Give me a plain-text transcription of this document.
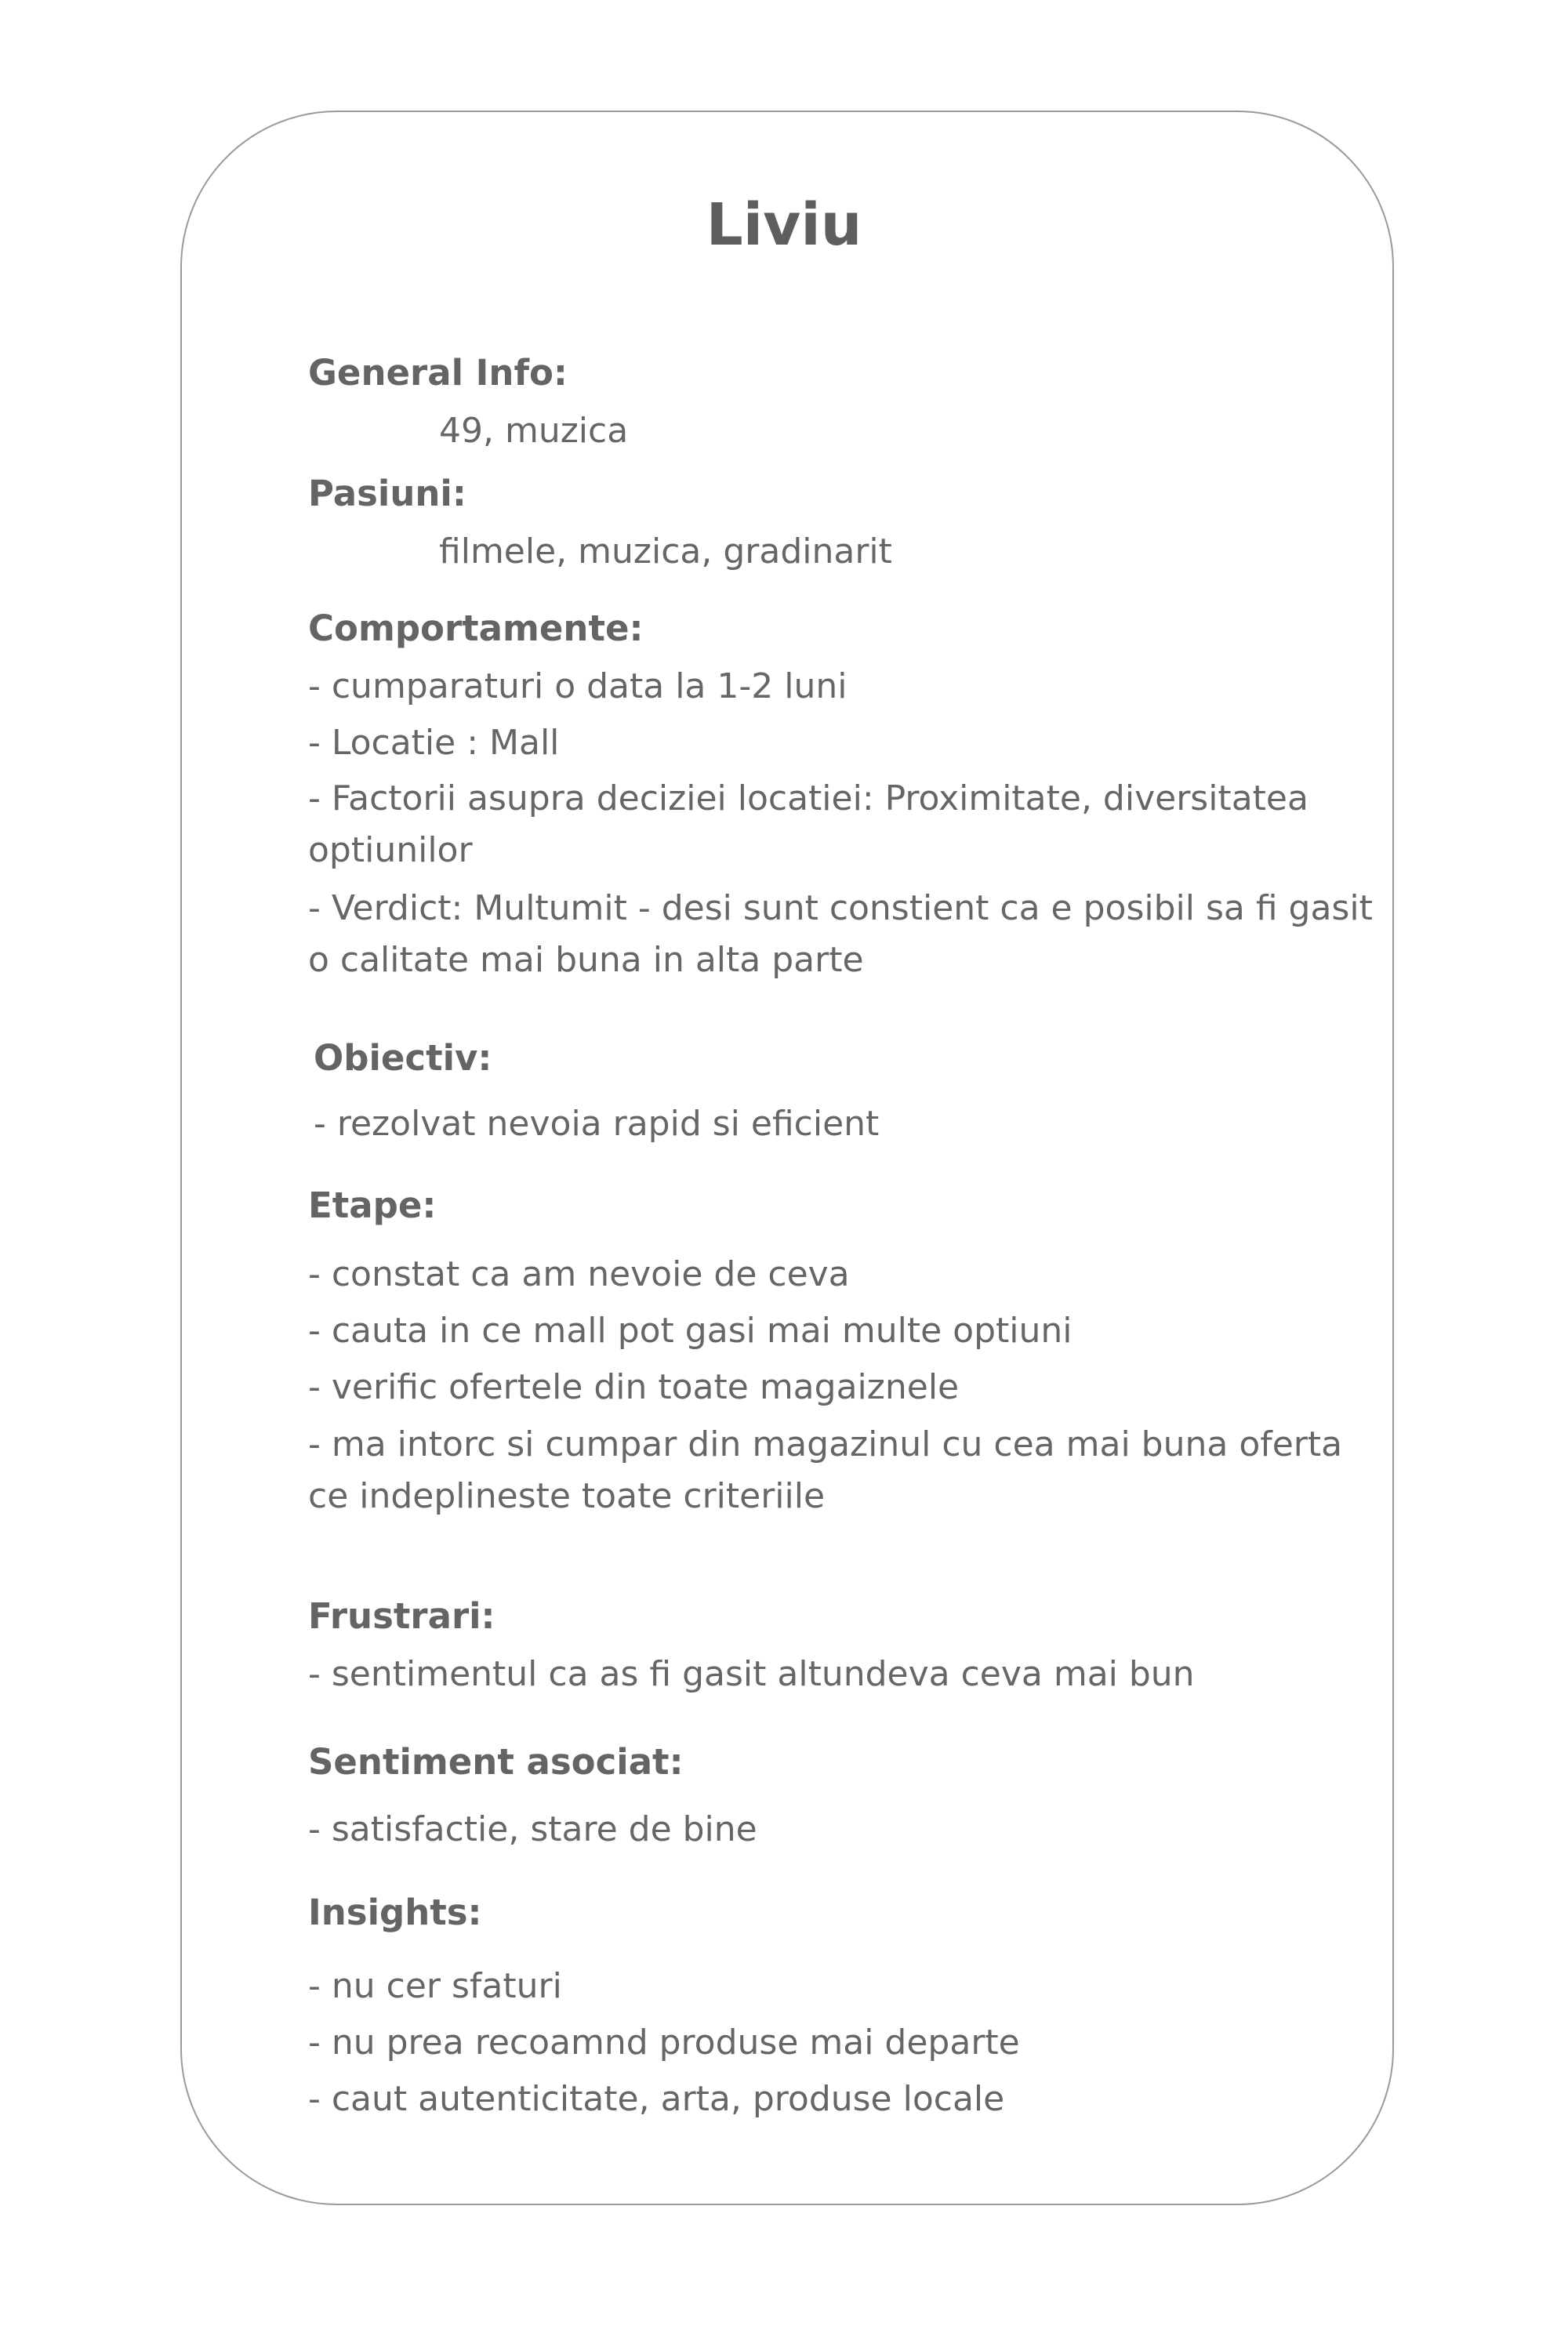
Liviu
General Info:
49, muzica
Pasiuni:
filmele, muzica, gradinarit
Comportamente:
- cumparaturi o data la 1-2 luni
- Locatie : Mall
- Factorii asupra deciziei locatiei: Proximitate, diversitatea optiunilor
- Verdict: Multumit - desi sunt constient ca e posibil sa fi gasit o calitate mai buna in alta parte
Obiectiv:
- rezolvat nevoia rapid si eficient
Etape:
- constat ca am nevoie de ceva
- cauta in ce mall pot gasi mai multe optiuni
- verific ofertele din toate magaiznele
- ma intorc si cumpar din magazinul cu cea mai buna oferta ce indeplineste toate criteriile
Frustrari:
- sentimentul ca as fi gasit altundeva ceva mai bun
Sentiment asociat:
- satisfactie, stare de bine
Insights:
- nu cer sfaturi
- nu prea recoamnd produse mai departe
- caut autenticitate, arta, produse locale
